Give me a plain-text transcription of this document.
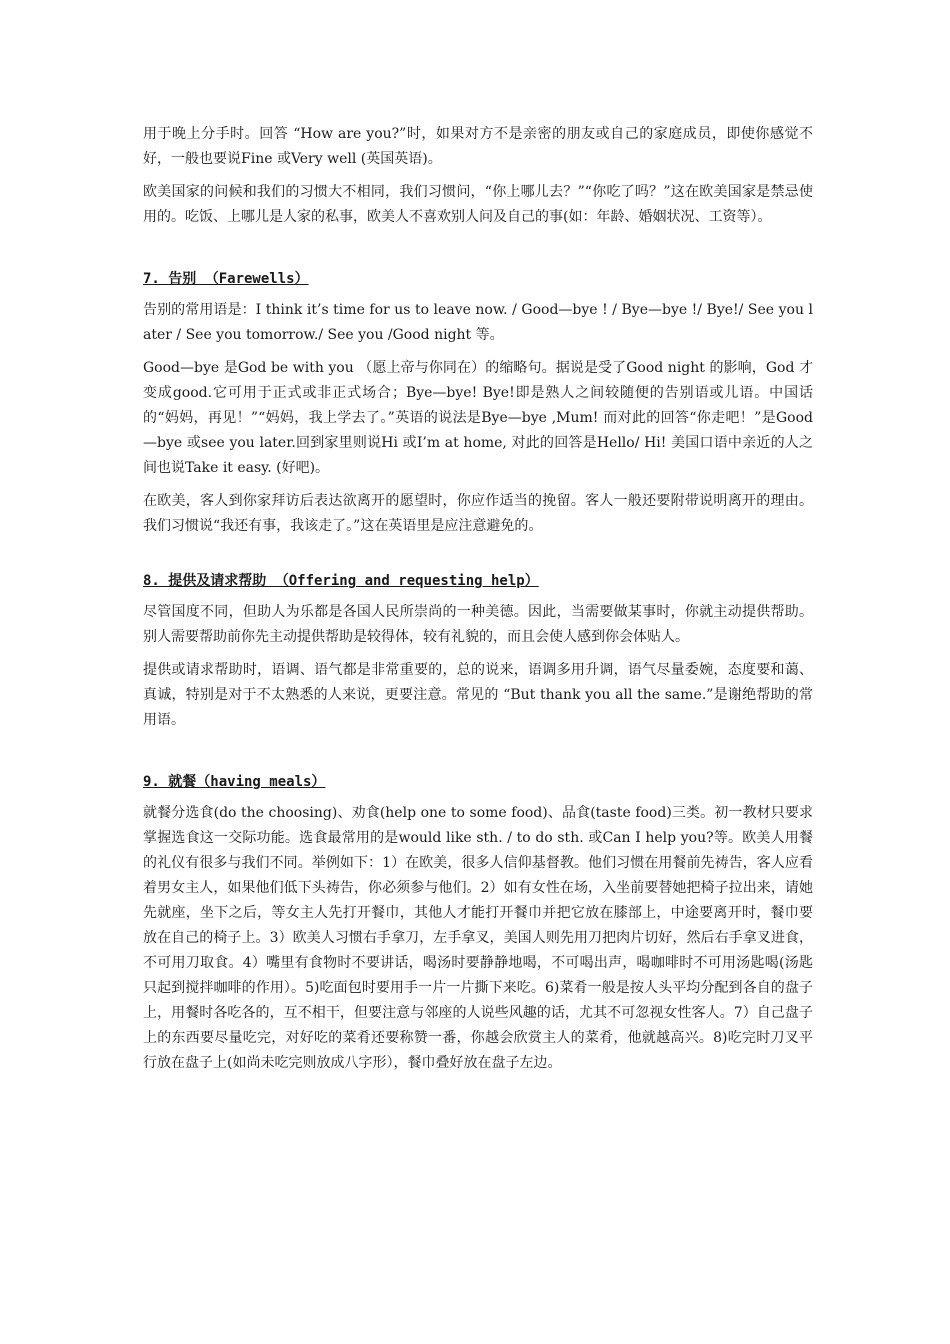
用于晚上分手时。回答 “How are you?”时，如果对方不是亲密的朋友或自己的家庭成员，即使你感觉不好，一般也要说Fine 或Very well (英国英语)。

欧美国家的问候和我们的习惯大不相同，我们习惯问，“你上哪儿去？”“你吃了吗？”这在欧美国家是禁忌使用的。吃饭、上哪儿是人家的私事，欧美人不喜欢别人问及自己的事(如：年龄、婚姻状况、工资等）。

7. 告别 （Farewells）

告别的常用语是：I think it’s time for us to leave now. / Good—bye ! / Bye—bye !/ Bye!/ See you later / See you tomorrow./ See you /Good night 等。

Good—bye 是God be with you （愿上帝与你同在）的缩略句。据说是受了Good night 的影响，God 才变成good.它可用于正式或非正式场合；Bye—bye! Bye!即是熟人之间较随便的告别语或儿语。中国话的“妈妈，再见！”“妈妈，我上学去了。”英语的说法是Bye—bye ,Mum! 而对此的回答“你走吧！”是Good—bye 或see you later.回到家里则说Hi 或I’m at home, 对此的回答是Hello/ Hi! 美国口语中亲近的人之间也说Take it easy. (好吧)。

在欧美，客人到你家拜访后表达欲离开的愿望时，你应作适当的挽留。客人一般还要附带说明离开的理由。我们习惯说“我还有事，我该走了。”这在英语里是应注意避免的。

8. 提供及请求帮助 （Offering and requesting help）

尽管国度不同，但助人为乐都是各国人民所崇尚的一种美德。因此，当需要做某事时，你就主动提供帮助。别人需要帮助前你先主动提供帮助是较得体，较有礼貌的，而且会使人感到你会体贴人。

提供或请求帮助时，语调、语气都是非常重要的，总的说来，语调多用升调，语气尽量委婉，态度要和蔼、真诚，特别是对于不太熟悉的人来说，更要注意。常见的 “But thank you all the same.”是谢绝帮助的常用语。

9. 就餐（having meals）

就餐分选食(do the choosing)、劝食(help one to some food)、品食(taste food)三类。初一教材只要求掌握选食这一交际功能。选食最常用的是would like sth. / to do sth. 或Can I help you?等。欧美人用餐的礼仪有很多与我们不同。举例如下：1）在欧美，很多人信仰基督教。他们习惯在用餐前先祷告，客人应看着男女主人，如果他们低下头祷告，你必须参与他们。2）如有女性在场，入坐前要替她把椅子拉出来，请她先就座，坐下之后，等女主人先打开餐巾，其他人才能打开餐巾并把它放在膝部上，中途要离开时，餐巾要放在自己的椅子上。3）欧美人习惯右手拿刀，左手拿叉，美国人则先用刀把肉片切好，然后右手拿叉进食，不可用刀取食。4）嘴里有食物时不要讲话，喝汤时要静静地喝，不可喝出声，喝咖啡时不可用汤匙喝(汤匙只起到搅拌咖啡的作用）。5)吃面包时要用手一片一片撕下来吃。6)菜肴一般是按人头平均分配到各自的盘子上，用餐时各吃各的，互不相干，但要注意与邻座的人说些风趣的话，尤其不可忽视女性客人。7）自己盘子上的东西要尽量吃完，对好吃的菜肴还要称赞一番，你越会欣赏主人的菜肴，他就越高兴。8)吃完时刀叉平行放在盘子上(如尚未吃完则放成八字形），餐巾叠好放在盘子左边。
